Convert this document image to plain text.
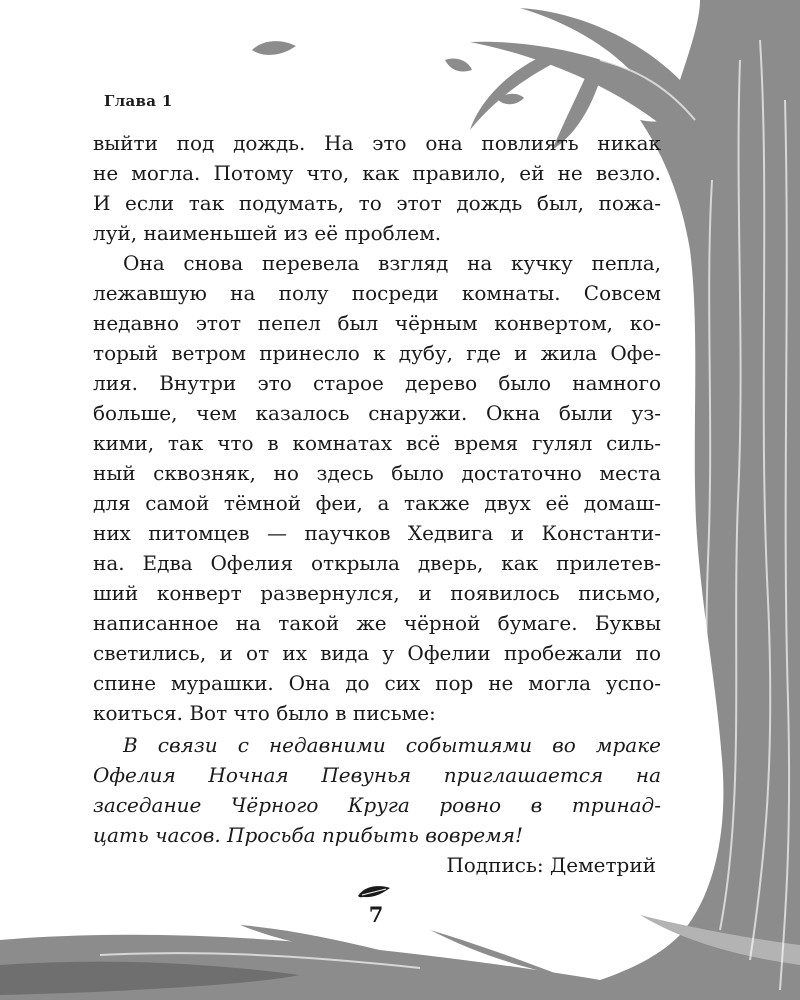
Глава 1
выйти под дождь. На это она повлиять никак
не могла. Потому что, как правило, ей не везло.
И если так подумать, то этот дождь был, пожа-
луй, наименьшей из её проблем.
Она снова перевела взгляд на кучку пепла,
лежавшую на полу посреди комнаты. Совсем
недавно этот пепел был чёрным конвертом, ко-
торый ветром принесло к дубу, где и жила Офе-
лия. Внутри это старое дерево было намного
больше, чем казалось снаружи. Окна были уз-
кими, так что в комнатах всё время гулял силь-
ный сквозняк, но здесь было достаточно места
для самой тёмной феи, а также двух её домаш-
них питомцев — паучков Хедвига и Константи-
на. Едва Офелия открыла дверь, как прилетев-
ший конверт развернулся, и появилось письмо,
написанное на такой же чёрной бумаге. Буквы
светились, и от их вида у Офелии пробежали по
спине мурашки. Она до сих пор не могла успо-
коиться. Вот что было в письме:
В связи с недавними событиями во мраке
Офелия Ночная Певунья приглашается на
заседание Чёрного Круга ровно в тринад-
цать часов. Просьба прибыть вовремя!
Подпись: Деметрий
7
